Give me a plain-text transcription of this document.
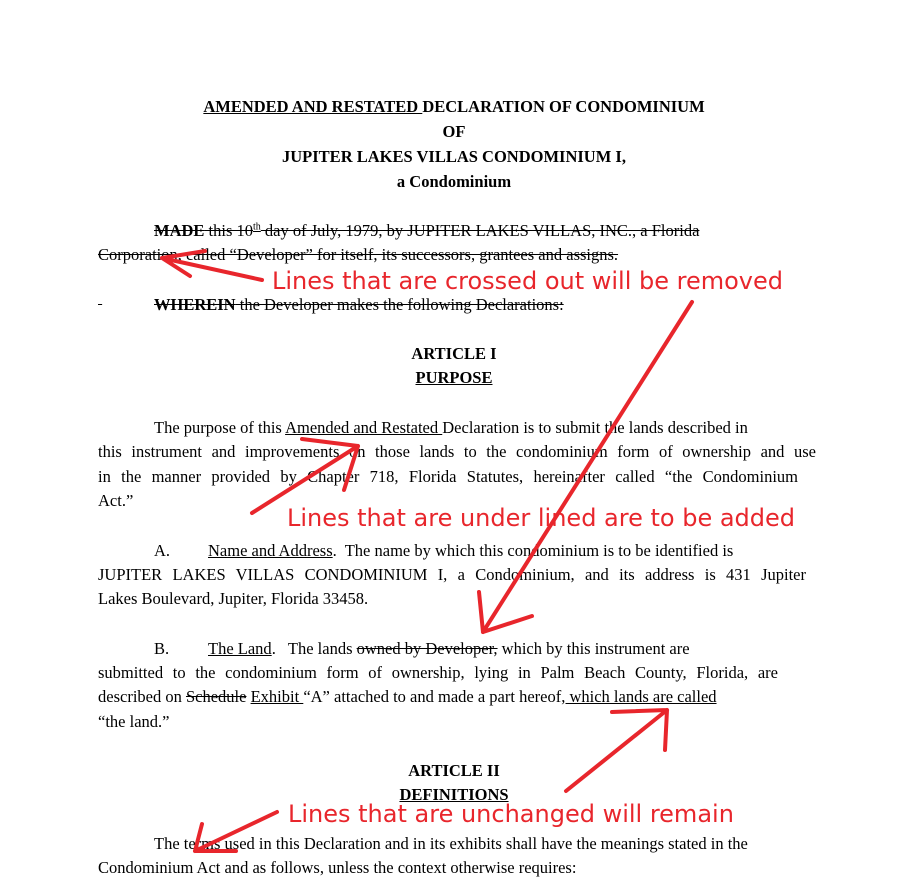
AMENDED AND RESTATED DECLARATION OF CONDOMINIUM
OF
JUPITER LAKES VILLAS CONDOMINIUM I,
a Condominium
MADE this 10th day of July, 1979, by JUPITER LAKES VILLAS, INC., a Florida
Corporation, called “Developer” for itself, its successors, grantees and assigns.
WHEREIN the Developer makes the following Declarations:
ARTICLE I
PURPOSE
The purpose of this Amended and Restated Declaration is to submit the lands described in
this instrument and improvements on those lands to the condominium form of ownership and use
in the manner provided by Chapter 718, Florida Statutes, hereinafter called “the Condominium
Act.”
A. Name and Address.  The name by which this condominium is to be identified is
JUPITER LAKES VILLAS CONDOMINIUM I, a Condominium, and its address is 431 Jupiter
Lakes Boulevard, Jupiter, Florida 33458.
B. The Land.   The lands owned by Developer, which by this instrument are
submitted to the condominium form of ownership, lying in Palm Beach County, Florida, are
described on Schedule Exhibit “A” attached to and made a part hereof, which lands are called
“the land.”
ARTICLE II
DEFINITIONS
The terms used in this Declaration and in its exhibits shall have the meanings stated in the
Condominium Act and as follows, unless the context otherwise requires:
Lines that are crossed out will be removed
Lines that are under lined are to be added
Lines that are unchanged will remain
